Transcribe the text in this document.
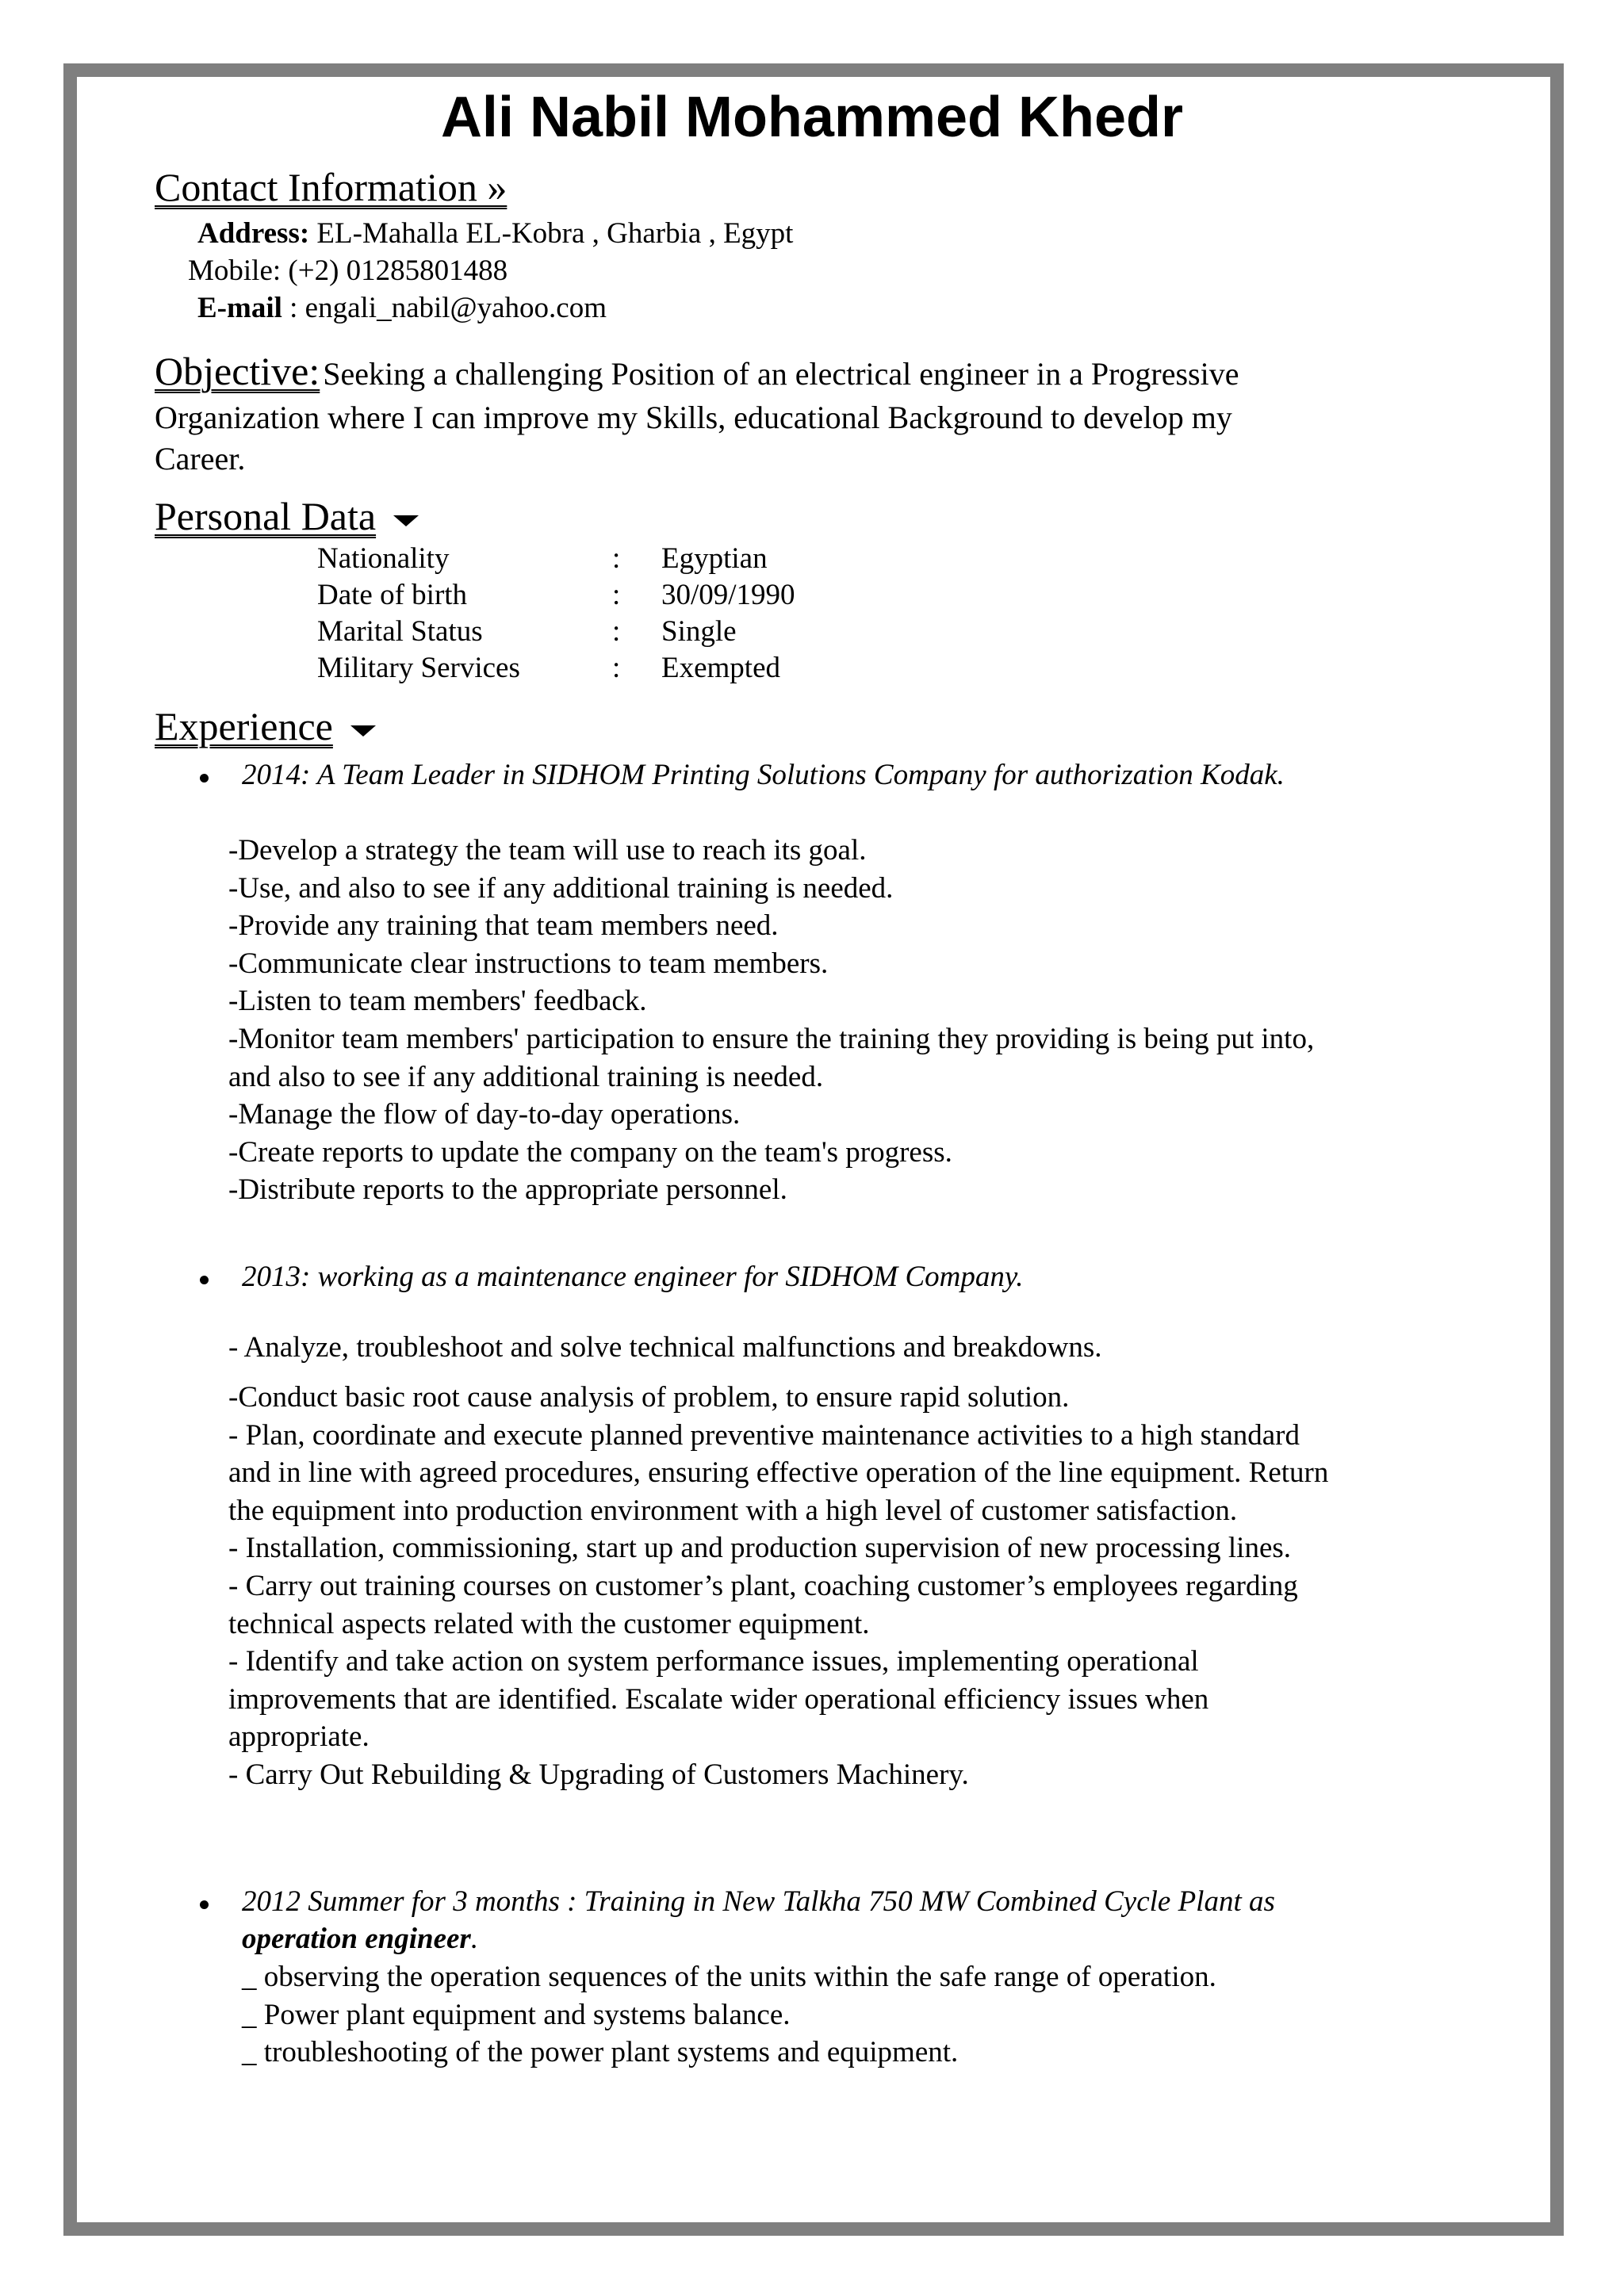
Ali Nabil Mohammed Khedr
Contact Information »
Address: EL-Mahalla EL-Kobra , Gharbia , Egypt
Mobile: (+2) 01285801488
E-mail : engali_nabil@yahoo.com
Objective: Seeking a challenging Position of an electrical engineer in a Progressive
Organization where I can improve my Skills, educational Background to develop my
Career.
Personal Data
Nationality	: Egyptian
Date of birth	: 30/09/1990
Marital Status	: Single
Military Services	: Exempted
Experience
2014: A Team Leader in SIDHOM Printing Solutions Company for authorization Kodak.
-Develop a strategy the team will use to reach its goal.
-Use, and also to see if any additional training is needed.
-Provide any training that team members need.
-Communicate clear instructions to team members.
-Listen to team members' feedback.
-Monitor team members' participation to ensure the training they providing is being put into,
and also to see if any additional training is needed.
-Manage the flow of day-to-day operations.
-Create reports to update the company on the team's progress.
-Distribute reports to the appropriate personnel.
2013: working as a maintenance engineer for SIDHOM Company.
- Analyze, troubleshoot and solve technical malfunctions and breakdowns.
-Conduct basic root cause analysis of problem, to ensure rapid solution.
- Plan, coordinate and execute planned preventive maintenance activities to a high standard
and in line with agreed procedures, ensuring effective operation of the line equipment. Return
the equipment into production environment with a high level of customer satisfaction.
- Installation, commissioning, start up and production supervision of new processing lines.
- Carry out training courses on customer’s plant, coaching customer’s employees regarding
technical aspects related with the customer equipment.
- Identify and take action on system performance issues, implementing operational
improvements that are identified. Escalate wider operational efficiency issues when
appropriate.
- Carry Out Rebuilding & Upgrading of Customers Machinery.
2012 Summer for 3 months : Training in New Talkha 750 MW Combined Cycle Plant as
operation engineer.
_ observing the operation sequences of the units within the safe range of operation.
_ Power plant equipment and systems balance.
_ troubleshooting of the power plant systems and equipment.
